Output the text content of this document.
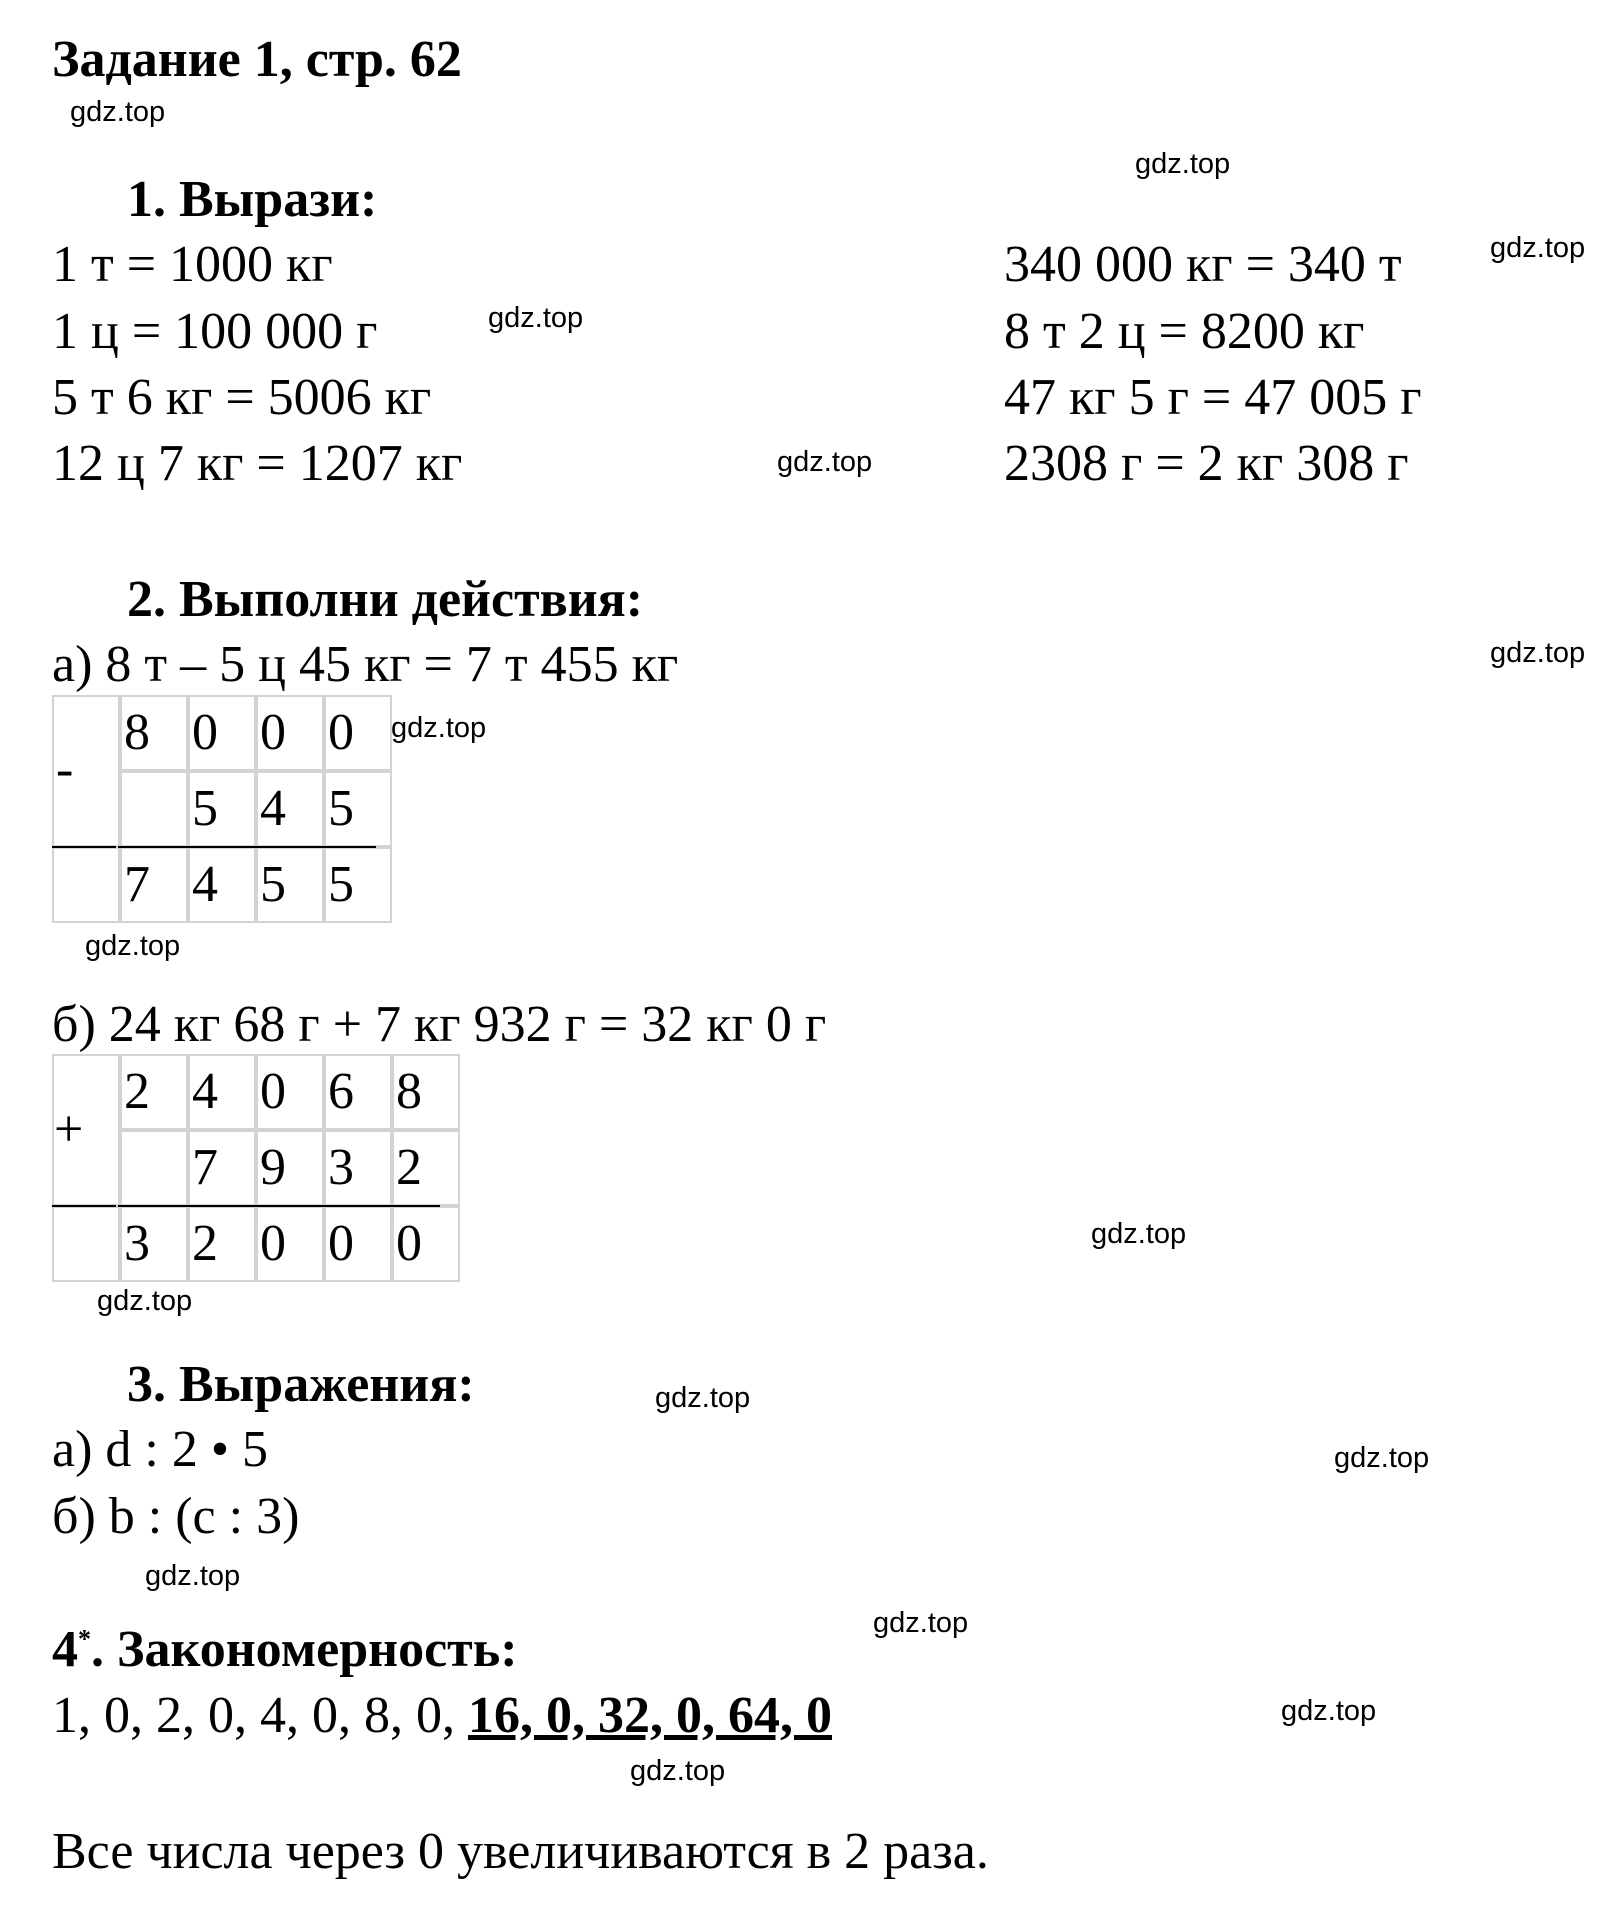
Задание 1, стр. 62
gdz.top
gdz.top
gdz.top
gdz.top
gdz.top
gdz.top
gdz.top
gdz.top
gdz.top
gdz.top
gdz.top
gdz.top
gdz.top
gdz.top
gdz.top
gdz.top
1. Вырази:
1 т = 1000 кг
1 ц = 100 000 г
5 т 6 кг = 5006 кг
12 ц 7 кг = 1207 кг
340 000 кг = 340 т
8 т 2 ц = 8200 кг
47 кг 5 г = 47 005 г
2308 г = 2 кг 308 г
2. Выполни действия:
а) 8 т – 5 ц 45 кг = 7 т 455 кг
	8	0	0	0
		5	4	5
	7	4	5	5
-
б) 24 кг 68 г + 7 кг 932 г = 32 кг 0 г
	2	4	0	6	8
		7	9	3	2
	3	2	0	0	0
+
3. Выражения:
а) d : 2 • 5
б) b : (c : 3)
4*. Закономерность:
1, 0, 2, 0, 4, 0, 8, 0, 16, 0, 32, 0, 64, 0
Все числа через 0 увеличиваются в 2 раза.
